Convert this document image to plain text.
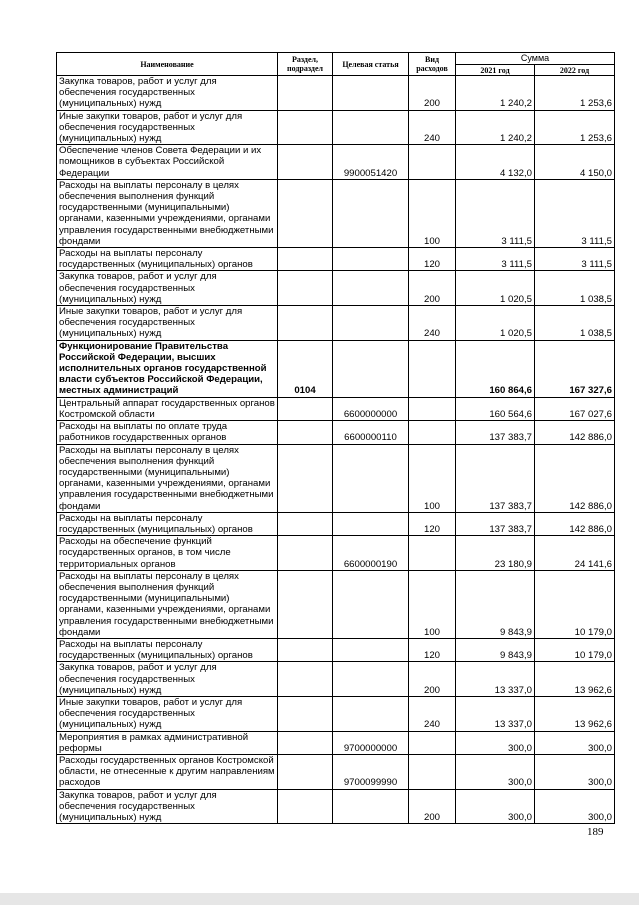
Наименование	Раздел, подраздел	Целевая статья	Вид расходов	Сумма	
				2021 год	2022 год
Закупка товаров, работ и услуг для обеспечения государственных (муниципальных) нужд			200	1 240,2	1 253,6
Иные закупки товаров, работ и услуг для обеспечения государственных (муниципальных) нужд			240	1 240,2	1 253,6
Обеспечение членов Совета Федерации и их помощников в субъектах Российской Федерации		9900051420		4 132,0	4 150,0
Расходы на выплаты персоналу в целях обеспечения выполнения функций государственными (муниципальными) органами, казенными учреждениями, органами управления государственными внебюджетными фондами			100	3 111,5	3 111,5
Расходы на выплаты персоналу государственных (муниципальных) органов			120	3 111,5	3 111,5
Закупка товаров, работ и услуг для обеспечения государственных (муниципальных) нужд			200	1 020,5	1 038,5
Иные закупки товаров, работ и услуг для обеспечения государственных (муниципальных) нужд			240	1 020,5	1 038,5
Функционирование Правительства Российской Федерации, высших исполнительных органов государственной власти субъектов Российской Федерации, местных администраций	0104			160 864,6	167 327,6
Центральный аппарат государственных органов Костромской области		6600000000		160 564,6	167 027,6
Расходы на выплаты по оплате труда работников государственных органов		6600000110		137 383,7	142 886,0
Расходы на выплаты персоналу в целях обеспечения выполнения функций государственными (муниципальными) органами, казенными учреждениями, органами управления государственными внебюджетными фондами			100	137 383,7	142 886,0
Расходы на выплаты персоналу государственных (муниципальных) органов			120	137 383,7	142 886,0
Расходы на обеспечение функций государственных органов, в том числе территориальных органов		6600000190		23 180,9	24 141,6
Расходы на выплаты персоналу в целях обеспечения выполнения функций государственными (муниципальными) органами, казенными учреждениями, органами управления государственными внебюджетными фондами			100	9 843,9	10 179,0
Расходы на выплаты персоналу государственных (муниципальных) органов			120	9 843,9	10 179,0
Закупка товаров, работ и услуг для обеспечения государственных (муниципальных) нужд			200	13 337,0	13 962,6
Иные закупки товаров, работ и услуг для обеспечения государственных (муниципальных) нужд			240	13 337,0	13 962,6
Мероприятия в рамках административной реформы		9700000000		300,0	300,0
Расходы государственных органов Костромской области, не отнесенные к другим направлениям расходов		9700099990		300,0	300,0
Закупка товаров, работ и услуг для обеспечения государственных (муниципальных) нужд			200	300,0	300,0
189
